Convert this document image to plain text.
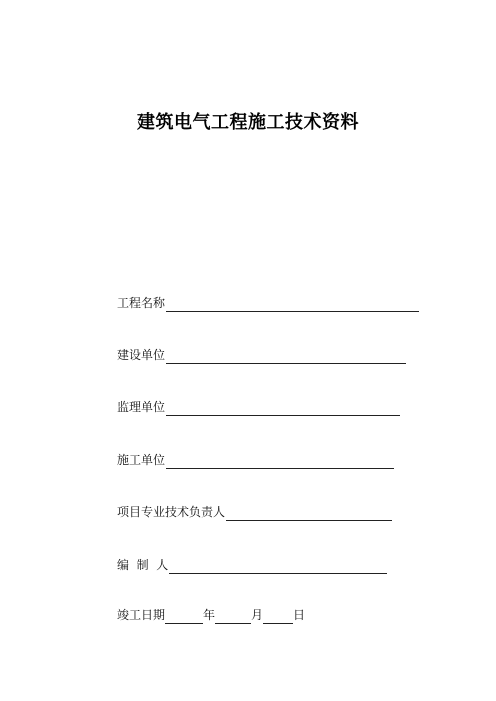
建筑电气工程施工技术资料
工程名称
建设单位
监理单位
施工单位
项目专业技术负责人
编  制  人
竣工日期	年	月	日
